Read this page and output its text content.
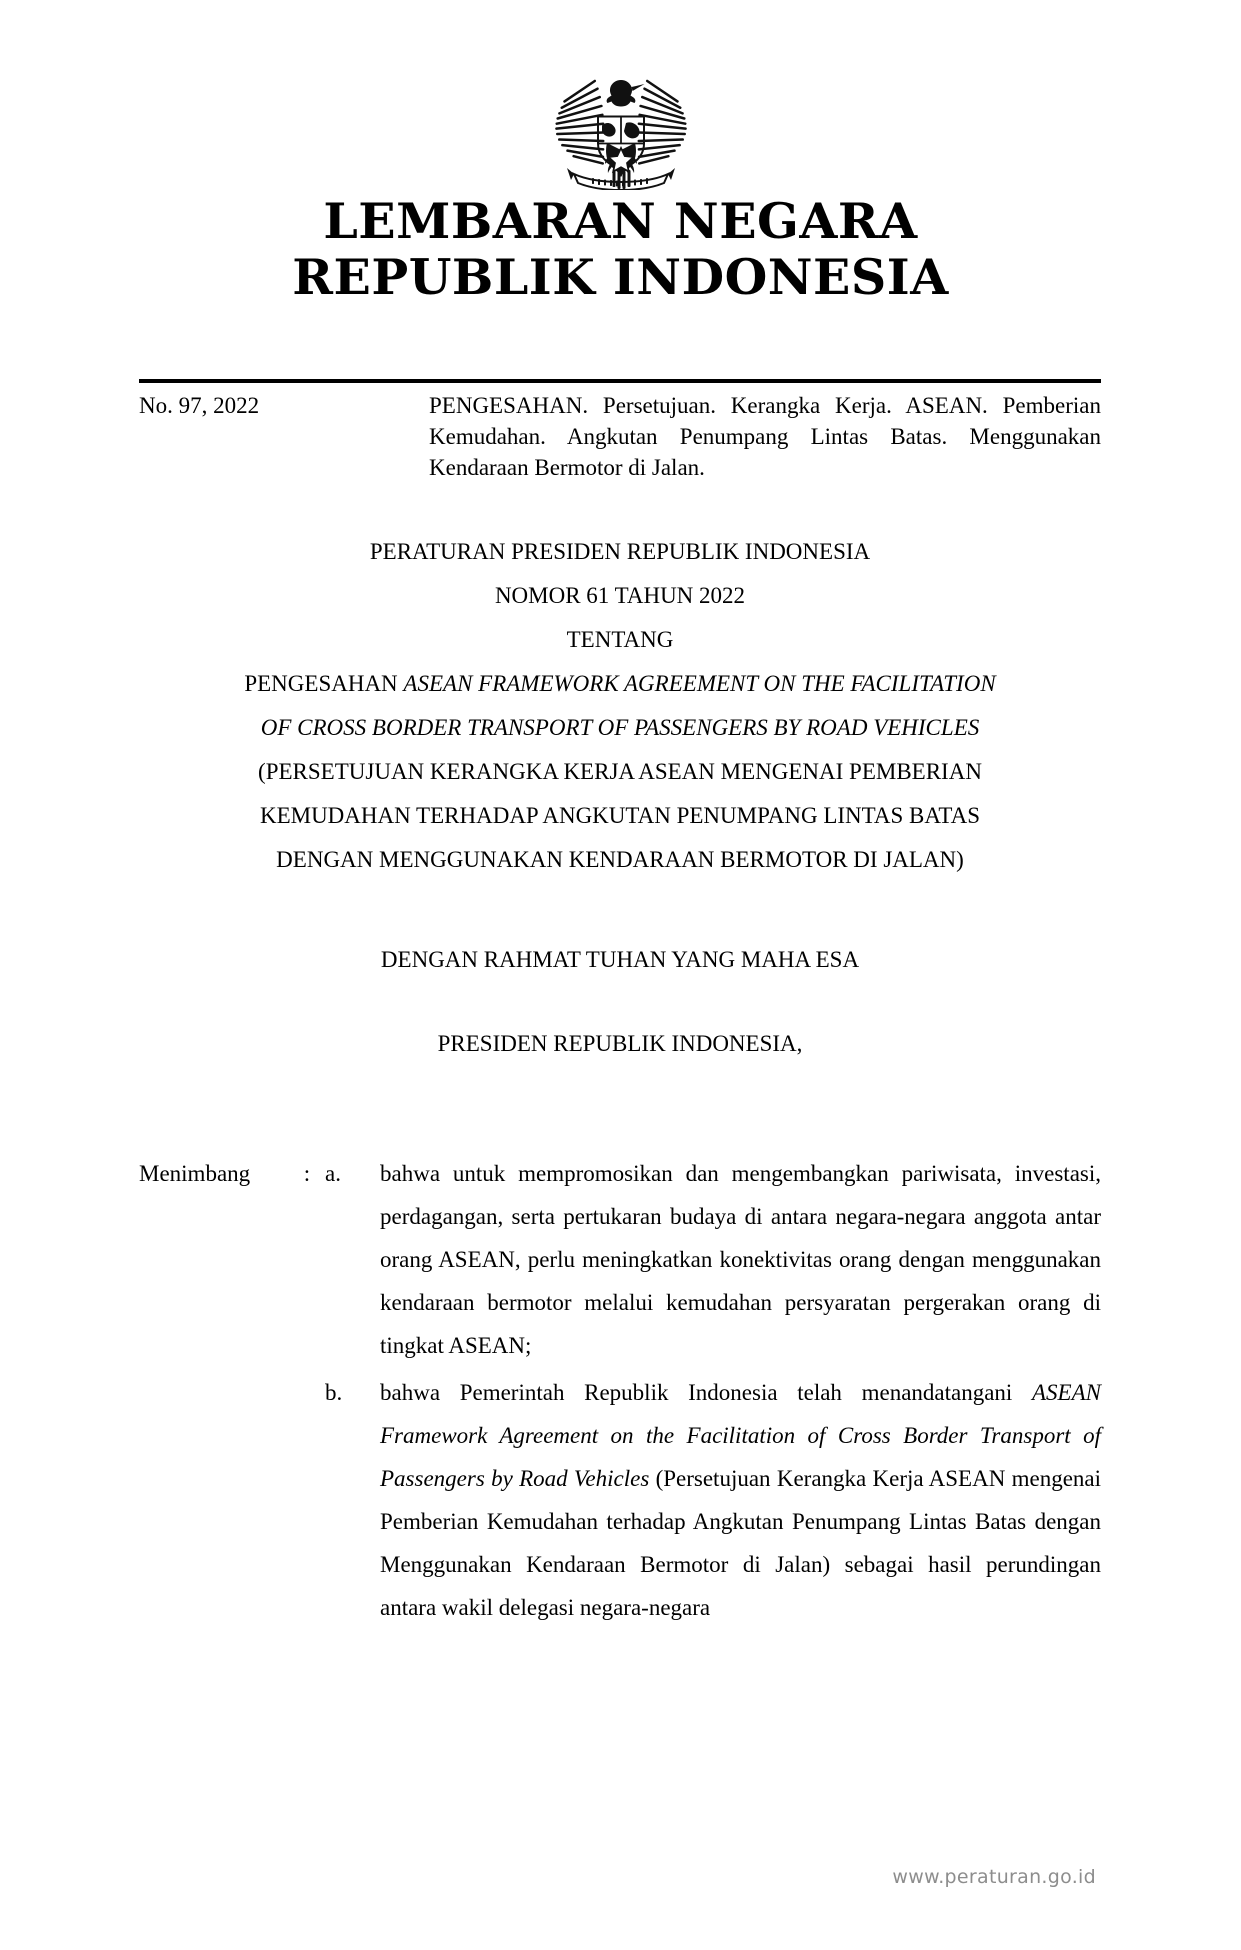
LEMBARAN NEGARA
REPUBLIK INDONESIA
No. 97, 2022	PENGESAHAN. Persetujuan. Kerangka Kerja. ASEAN. Pemberian Kemudahan. Angkutan Penumpang Lintas Batas. Menggunakan Kendaraan Bermotor di Jalan.
PERATURAN PRESIDEN REPUBLIK INDONESIA
NOMOR 61 TAHUN 2022
TENTANG
PENGESAHAN ASEAN FRAMEWORK AGREEMENT ON THE FACILITATION
OF CROSS BORDER TRANSPORT OF PASSENGERS BY ROAD VEHICLES
(PERSETUJUAN KERANGKA KERJA ASEAN MENGENAI PEMBERIAN
KEMUDAHAN TERHADAP ANGKUTAN PENUMPANG LINTAS BATAS
DENGAN MENGGUNAKAN KENDARAAN BERMOTOR DI JALAN)
DENGAN RAHMAT TUHAN YANG MAHA ESA
PRESIDEN REPUBLIK INDONESIA,
Menimbang	: a.	bahwa untuk mempromosikan dan mengembangkan pariwisata, investasi, perdagangan, serta pertukaran budaya di antara negara-negara anggota antar orang ASEAN, perlu meningkatkan konektivitas orang dengan menggunakan kendaraan bermotor melalui kemudahan persyaratan pergerakan orang di tingkat ASEAN;
b.	bahwa Pemerintah Republik Indonesia telah menandatangani ASEAN Framework Agreement on the Facilitation of Cross Border Transport of Passengers by Road Vehicles (Persetujuan Kerangka Kerja ASEAN mengenai Pemberian Kemudahan terhadap Angkutan Penumpang Lintas Batas dengan Menggunakan Kendaraan Bermotor di Jalan) sebagai hasil perundingan antara wakil delegasi negara-negara
www.peraturan.go.id
